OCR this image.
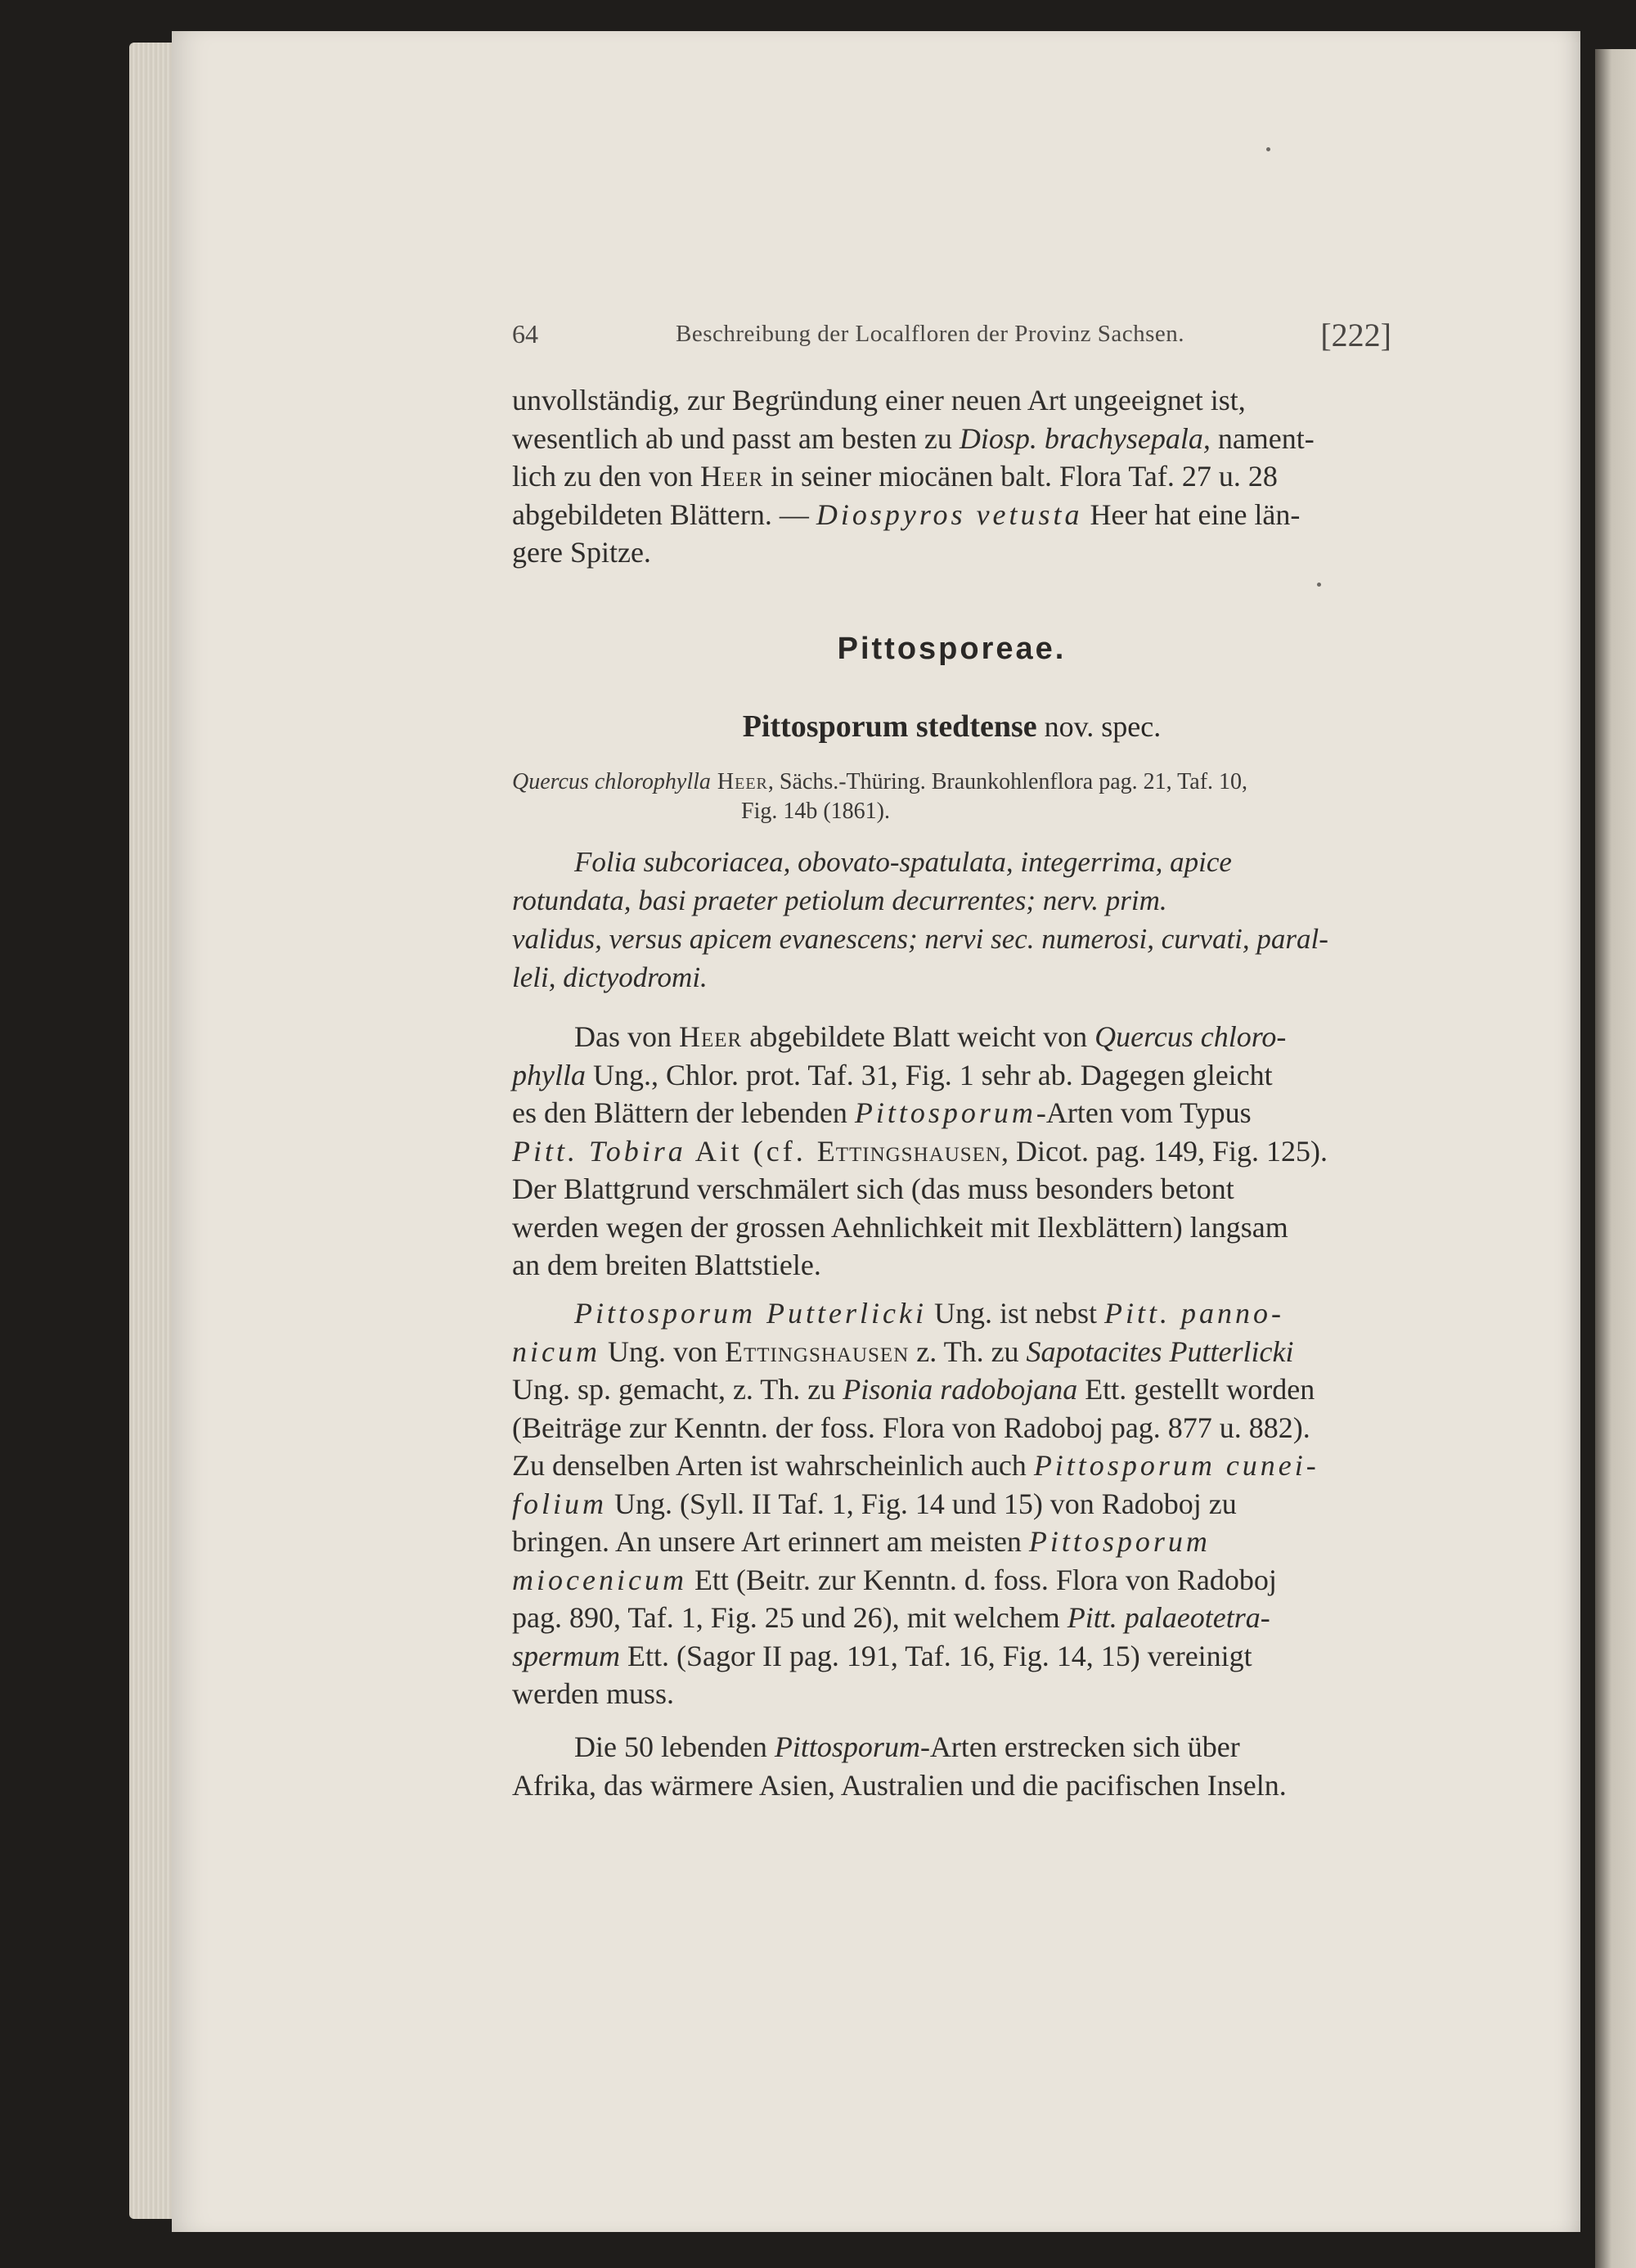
64	Beschreibung der Localfloren der Provinz Sachsen.	[222]

unvollständig, zur Begründung einer neuen Art ungeeignet ist,

wesentlich ab und passt am besten zu Diosp. brachysepala, nament-

lich zu den von Heer in seiner miocänen balt. Flora Taf. 27 u. 28

abgebildeten Blättern. — Diospyros vetusta Heer hat eine län-

gere Spitze.

Pittosporeae.
Pittosporum stedtense nov. spec.
Quercus chlorophylla Heer, Sächs.-Thüring. Braunkohlenflora pag. 21, Taf. 10,
Fig. 14b (1861).

Folia subcoriacea, obovato-spatulata, integerrima, apice

rotundata, basi praeter petiolum decurrentes; nerv. prim.

validus, versus apicem evanescens; nervi sec. numerosi, curvati, paral-

leli, dictyodromi.

Das von Heer abgebildete Blatt weicht von Quercus chloro-

phylla Ung., Chlor. prot. Taf. 31, Fig. 1 sehr ab. Dagegen gleicht

es den Blättern der lebenden Pittosporum-Arten vom Typus

Pitt. Tobira Ait (cf. Ettingshausen, Dicot. pag. 149, Fig. 125).

Der Blattgrund verschmälert sich (das muss besonders betont

werden wegen der grossen Aehnlichkeit mit Ilexblättern) langsam

an dem breiten Blattstiele.

Pittosporum Putterlicki Ung. ist nebst Pitt. panno-

nicum Ung. von Ettingshausen z. Th. zu Sapotacites Putterlicki

Ung. sp. gemacht, z. Th. zu Pisonia radobojana Ett. gestellt worden

(Beiträge zur Kenntn. der foss. Flora von Radoboj pag. 877 u. 882).

Zu denselben Arten ist wahrscheinlich auch Pittosporum cunei-

folium Ung. (Syll. II Taf. 1, Fig. 14 und 15) von Radoboj zu

bringen. An unsere Art erinnert am meisten Pittosporum

miocenicum Ett (Beitr. zur Kenntn. d. foss. Flora von Radoboj

pag. 890, Taf. 1, Fig. 25 und 26), mit welchem Pitt. palaeotetra-

spermum Ett. (Sagor II pag. 191, Taf. 16, Fig. 14, 15) vereinigt

werden muss.

Die 50 lebenden Pittosporum-Arten erstrecken sich über

Afrika, das wärmere Asien, Australien und die pacifischen Inseln.
